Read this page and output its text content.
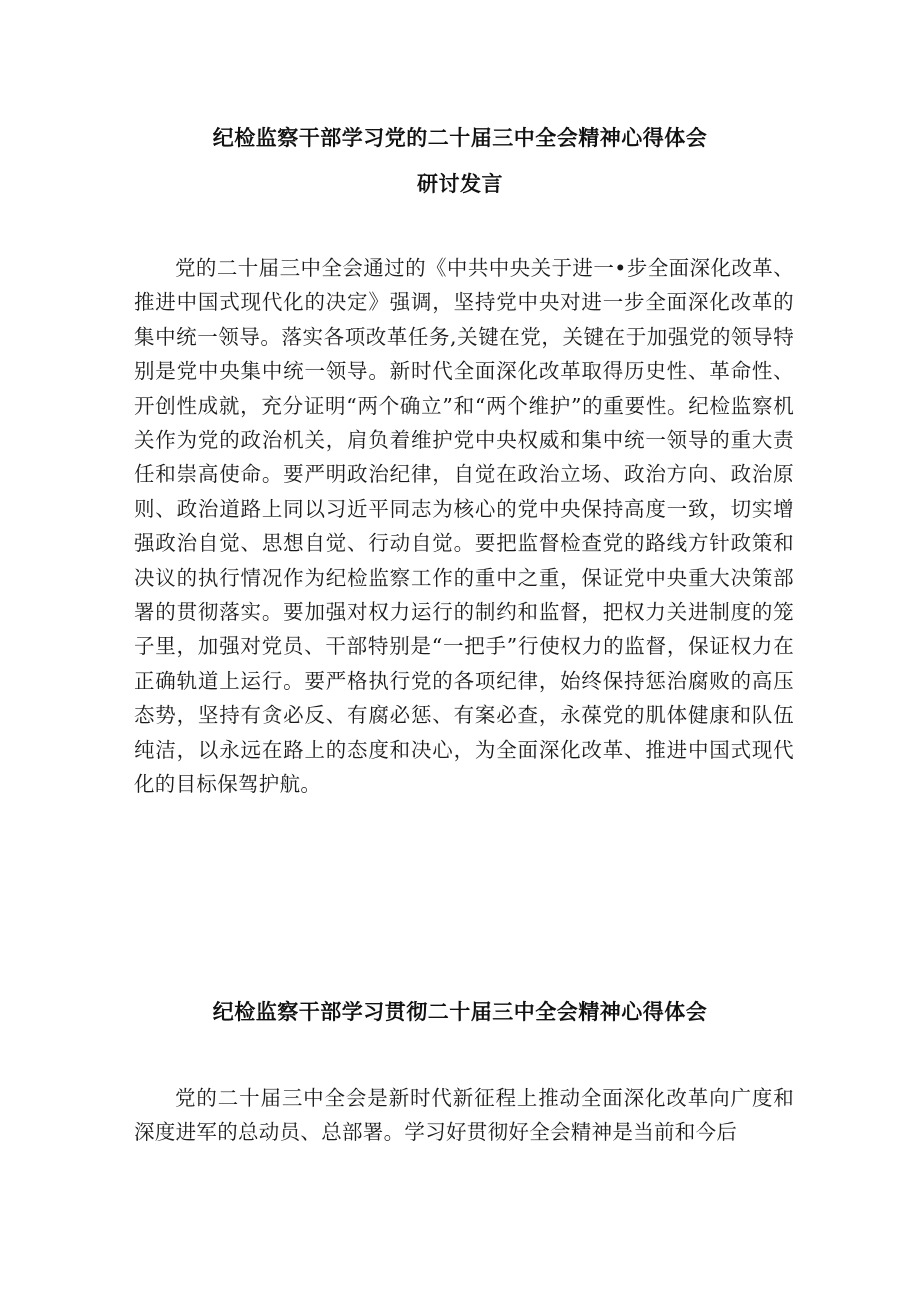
纪检监察干部学习党的二十届三中全会精神心得体会
研讨发言

党的二十届三中全会通过的《中共中央关于进一•步全面深化改革、推进中国式现代化的决定》强调，坚持党中央对进一步全面深化改革的集中统一领导。落实各项改革任务,关键在党，关键在于加强党的领导特别是党中央集中统一领导。新时代全面深化改革取得历史性、革命性、开创性成就，充分证明“两个确立”和“两个维护”的重要性。纪检监察机关作为党的政治机关，肩负着维护党中央权威和集中统一领导的重大责任和崇高使命。要严明政治纪律，自觉在政治立场、政治方向、政治原则、政治道路上同以习近平同志为核心的党中央保持高度一致，切实增强政治自觉、思想自觉、行动自觉。要把监督检查党的路线方针政策和决议的执行情况作为纪检监察工作的重中之重，保证党中央重大决策部署的贯彻落实。要加强对权力运行的制约和监督，把权力关进制度的笼子里，加强对党员、干部特别是“一把手”行使权力的监督，保证权力在正确轨道上运行。要严格执行党的各项纪律，始终保持惩治腐败的高压态势，坚持有贪必反、有腐必惩、有案必查，永葆党的肌体健康和队伍纯洁，以永远在路上的态度和决心，为全面深化改革、推进中国式现代化的目标保驾护航。

纪检监察干部学习贯彻二十届三中全会精神心得体会

党的二十届三中全会是新时代新征程上推动全面深化改革向广度和深度进军的总动员、总部署。学习好贯彻好全会精神是当前和今后
